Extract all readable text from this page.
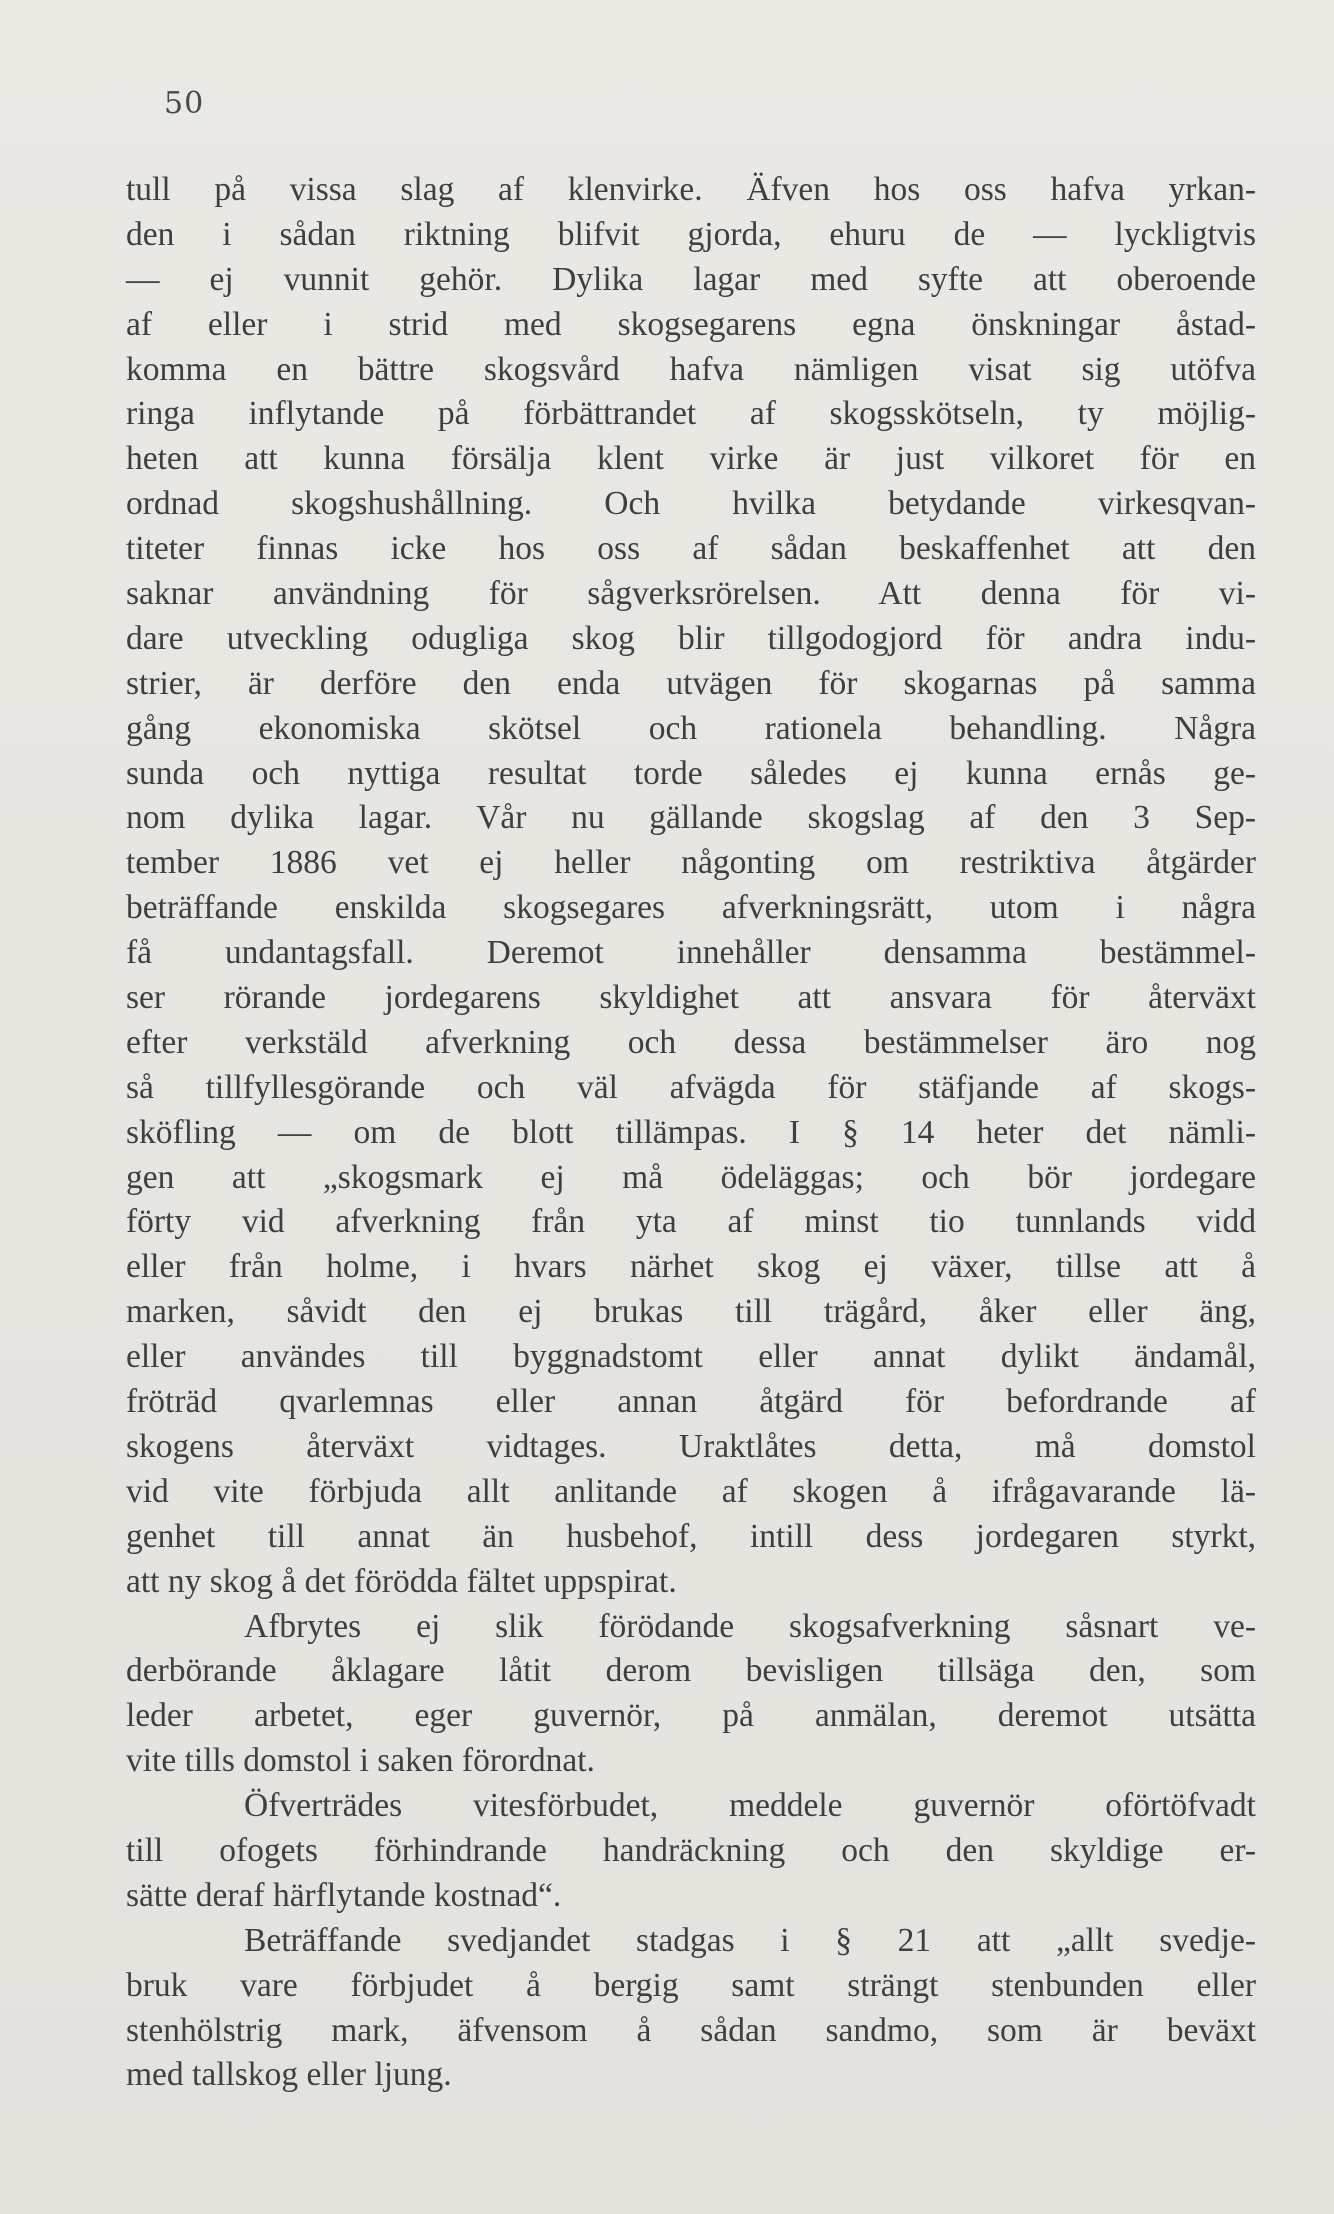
50
tull på vissa slag af klenvirke. Äfven hos oss hafva yrkan-
den i sådan riktning blifvit gjorda, ehuru de — lyckligtvis
— ej vunnit gehör. Dylika lagar med syfte att oberoende
af eller i strid med skogsegarens egna önskningar åstad-
komma en bättre skogsvård hafva nämligen visat sig utöfva
ringa inflytande på förbättrandet af skogsskötseln, ty möjlig-
heten att kunna försälja klent virke är just vilkoret för en
ordnad skogshushållning. Och hvilka betydande virkesqvan-
titeter finnas icke hos oss af sådan beskaffenhet att den
saknar användning för sågverksrörelsen. Att denna för vi-
dare utveckling odugliga skog blir tillgodogjord för andra indu-
strier, är derföre den enda utvägen för skogarnas på samma
gång ekonomiska skötsel och rationela behandling. Några
sunda och nyttiga resultat torde således ej kunna ernås ge-
nom dylika lagar. Vår nu gällande skogslag af den 3 Sep-
tember 1886 vet ej heller någonting om restriktiva åtgärder
beträffande enskilda skogsegares afverkningsrätt, utom i några
få undantagsfall. Deremot innehåller densamma bestämmel-
ser rörande jordegarens skyldighet att ansvara för återväxt
efter verkstäld afverkning och dessa bestämmelser äro nog
så tillfyllesgörande och väl afvägda för stäfjande af skogs-
sköfling — om de blott tillämpas. I § 14 heter det nämli-
gen att „skogsmark ej må ödeläggas; och bör jordegare
förty vid afverkning från yta af minst tio tunnlands vidd
eller från holme, i hvars närhet skog ej växer, tillse att å
marken, såvidt den ej brukas till trägård, åker eller äng,
eller användes till byggnadstomt eller annat dylikt ändamål,
fröträd qvarlemnas eller annan åtgärd för befordrande af
skogens återväxt vidtages. Uraktlåtes detta, må domstol
vid vite förbjuda allt anlitande af skogen å ifrågavarande lä-
genhet till annat än husbehof, intill dess jordegaren styrkt,
att ny skog å det förödda fältet uppspirat.
Afbrytes ej slik förödande skogsafverkning såsnart ve-
derbörande åklagare låtit derom bevisligen tillsäga den, som
leder arbetet, eger guvernör, på anmälan, deremot utsätta
vite tills domstol i saken förordnat.
Öfverträdes vitesförbudet, meddele guvernör oförtöfvadt
till ofogets förhindrande handräckning och den skyldige er-
sätte deraf härflytande kostnad“.
Beträffande svedjandet stadgas i § 21 att „allt svedje-
bruk vare förbjudet å bergig samt strängt stenbunden eller
stenhölstrig mark, äfvensom å sådan sandmo, som är beväxt
med tallskog eller ljung.
